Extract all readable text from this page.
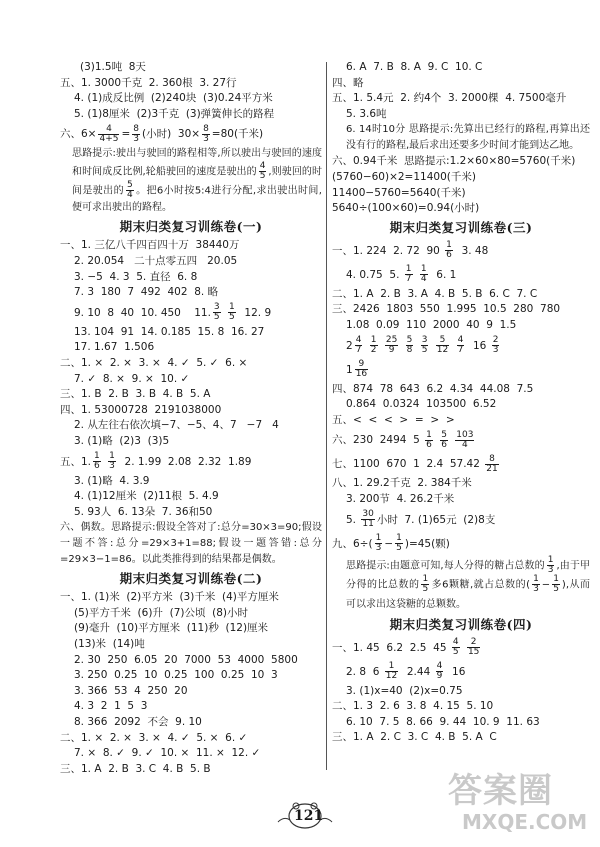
(3)1.5吨  8天
五、1. 3000千克  2. 360根  3. 27行
4. (1)成反比例  (2)240块  (3)0.24平方米
5. (1)8厘米  (2)3千克  (3)弹簧伸长的路程
六、$6\times \frac{4}{4+5} = \frac{8}{3}$ (小时)  $30\times \frac{8}{3} =80$(千米)
思路提示:驶出与驶回的路程相等,所以驶出与驶回的速度和时间成反比例,轮船驶回的速度是驶出的 $\frac{4}{5}$ ,则驶回的时间是驶出的 $\frac{5}{4}$ 。把6小时按5:4进行分配,求出驶出时间,便可求出驶出的路程。
期末归类复习训练卷(一)
一、1. 三亿八千四百四十万  38440万
2. 20.054   二十点零五四   20.05
3. −5  4. 3  5. 直径  6. 8
7. 3  180  7  492  402  8. 略
9. 10  8  40  10. 450    11. $\frac{3}{5}$
$\frac{1}{5} 12$. 9
13. 104  91  14. 0.185  15. 8  16. 27
17. 1.67  1.506
二、1. ×  2. ×  3. ×  4. ✓  5. ✓  6. ×
7. ✓  8. ×  9. ×  10. ✓
三、1. B  2. B  3. B  4. B  5. A
四、1. 53000728  2191038000
2. 从左往右依次填−7、−5、4、7   −7   4
3. (1)略  (2)3  (3)5
五、1. $\frac{1}{6}$
$\frac{1}{3} 2$. 1.99  2.08  2.32  1.89
3. (1)略  4. 3.9
4. (1)12厘米  (2)11根  5. 4.9
5. 93人  6. 13朵  7. 36和50
六、偶数。思路提示:假设全答对了:总分=30×3=90;假设一题不答:总分=29×3+1=88;假设一题答错:总分=29×3−1=86。以此类推得到的结果都是偶数。
期末归类复习训练卷(二)
一、1. (1)米  (2)平方米  (3)千米  (4)平方厘米
(5)平方千米  (6)升  (7)公顷  (8)小时
(9)毫升  (10)平方厘米  (11)秒  (12)厘米
(13)米  (14)吨
2. 30  250  6.05  20  7000  53  4000  5800
3. 250  0.25  10  0.25  100  0.25  10  3
3. 366  53  4  250  20
4. 3  2  1  5  3
8. 366  2092  不会  9. 10
二、1. ×  2. ×  3. ×  4. ✓  5. ×  6. ✓
7. ×  8. ✓  9. ✓  10. ×  11. ×  12. ✓
三、1. A  2. B  3. C  4. B  5. B
6. A  7. B  8. A  9. C  10. C
四、略
五、1. 5.4元  2. 约4个  3. 2000棵  4. 7500毫升
5. 3.6吨
6. 14时10分 思路提示:先算出已经行的路程,再算出还没有行的路程,最后求出还要多少时间才能到达乙地。
六、0.94千米  思路提示:1.2×60×80=5760(千米)
(5760−60)×2=11400(千米)
11400−5760=5640(千米)
5640÷(100×60)=0.94(小时)
期末归类复习训练卷(三)
一、1. 224  2. 72  $90 \frac{1}{6} 3$. 48
4. 0.75  5. $\frac{1}{7}$
$\frac{1}{4} 6$. 1
二、1. A  2. B  3. A  4. B  5. B  6. C  7. C
三、2426  1803  550  1.995  10.5  280  780
1.08  0.09  110  2000  40  9  1.5
$2 \frac{4}{7}$
$\frac{1}{2}$
$\frac{25}{9}$
$\frac{5}{8}$
$\frac{3}{5}$
$\frac{5}{12}$
$\frac{4}{7} 16 \frac{2}{3}$
$1 \frac{9}{16}$
四、874  78  643  6.2  4.34  44.08  7.5
0.864  0.0324  103500  6.52
五、<  <  <  >  =  >  >
六、230  2494  $5 \frac{1}{6}$
$\frac{5}{6}$
$\frac{103}{4}$
七、1100  670  1  2.4  $57.42 \frac{8}{21}$
八、1. 29.2千克  2. 384千米
3. 200节  4. 26.2千米
5. $\frac{30}{11}$ 小时  7. (1)65元  (2)8支
九、$6\div( \frac{1}{3} - \frac{1}{5} )=45$(颗)
思路提示:由题意可知,每人分得的糖占总数的 $\frac{1}{3}$ ,由于甲分得的比总数的 $\frac{1}{5}$ 多6颗糖,就占总数的( $\frac{1}{3} - \frac{1}{5}$ ),从而可以求出这袋糖的总颗数。
期末归类复习训练卷(四)
一、1. 45  6.2  2.5  $45 \frac{4}{5}$
$\frac{2}{15}$
2. 8  $6 \frac{1}{12} 2.44 \frac{4}{9} 16$
3. (1)x=40  (2)x=0.75
二、1. 3  2. 6  3. 8  4. 15  5. 10
6. 10  7. 5  8. 66  9. 44  10. 9  11. 63
三、1. A  2. C  3. C  4. B  5. A  C
121
答案圈
MXQE.COM
